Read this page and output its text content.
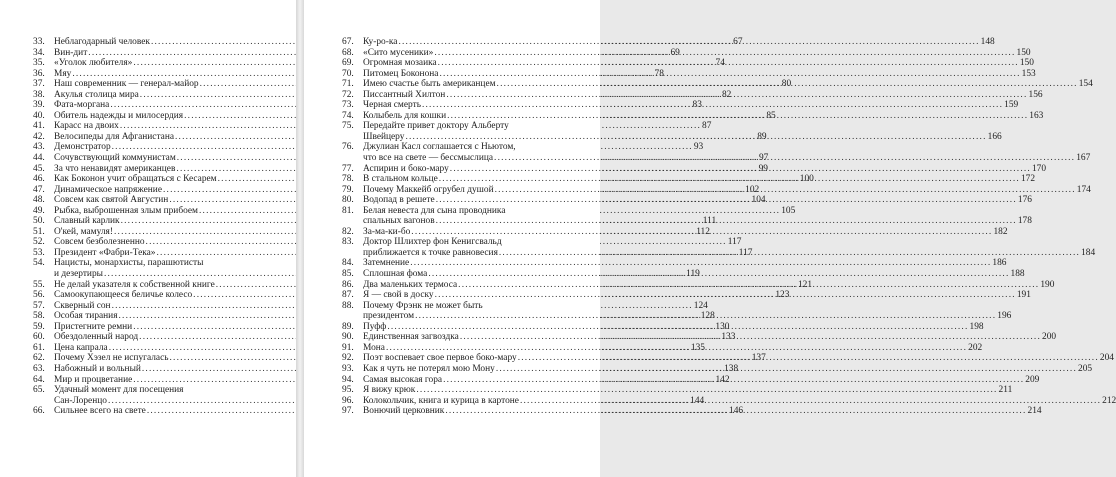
33. Неблагодарный человек .....	67
34. Вин-дит .....	69
35. «Уголок любителя» .....	74
36. Мяу .....	78
37. Наш современник — генерал-майор .....	80
38. Акулья столица мира .....	82
39. Фата-моргана .....	83
40. Обитель надежды и милосердия .....	85
41. Карасс на двоих .....	87
42. Велосипеды для Афганистана .....	89
43. Демонстратор .....	93
44. Сочувствующий коммунистам .....	97
45. За что ненавидят американцев .....	99
46. Как Боконон учит обращаться с Кесарем .....	100
47. Динамическое напряжение .....	102
48. Совсем как святой Августин .....	104
49. Рыбка, выброшенная злым прибоем .....	105
50. Славный карлик .....	111
51. О'кей, мамуля! .....	112
52. Совсем безболезненно .....	117
53. Президент «Фабри-Тека» .....	117
54. Нацисты, монархисты, парашютисты
и дезертиры .....	119
55. Не делай указателя к собственной книге .....	121
56. Самоокупающееся беличье колесо .....	123
57. Скверный сон .....	124
58. Особая тирания .....	128
59. Пристегните ремни .....	130
60. Обездоленный народ .....	133
61. Цена капрала .....	135
62. Почему Хэзел не испугалась .....	137
63. Набожный и вольный .....	138
64. Мир и процветание .....	142
65. Удачный момент для посещения
Сан-Лоренцо .....	144
66. Сильнее всего на свете .....	146
67. Ку-ро-ка .....	148
68. «Сито мусеники» .....	150
69. Огромная мозаика .....	150
70. Питомец Боконона .....	153
71. Имею счастье быть американцем .....	154
72. Писсантный Хилтон .....	156
73. Черная смерть .....	159
74. Колыбель для кошки .....	163
75. Передайте привет доктору Альберту
Швейцеру .....	166
76. Джулиан Касл соглашается с Ньютом,
что все на свете — бессмыслица .....	167
77. Аспирин и боко-мару .....	170
78. В стальном кольце .....	172
79. Почему Маккейб огрубел душой .....	174
80. Водопад в решете .....	176
81. Белая невеста для сына проводника
спальных вагонов .....	178
82. За-ма-ки-бо .....	182
83. Доктор Шлихтер фон Кенигсвальд
приближается к точке равновесия .....	184
84. Затемнение .....	186
85. Сплошная фома .....	188
86. Два маленьких термоса .....	190
87. Я — свой в доску .....	191
88. Почему Фрэнк не может быть
президентом .....	196
89. Пуфф .....	198
90. Единственная загвоздка .....	200
91. Мона .....	202
92. Поэт воспевает свое первое боко-мару .....	204
93. Как я чуть не потерял мою Мону .....	205
94. Самая высокая гора .....	209
95. Я вижу крюк .....	211
96. Колокольчик, книга и курица в картоне .....	212
97. Вонючий церковник .....	214
